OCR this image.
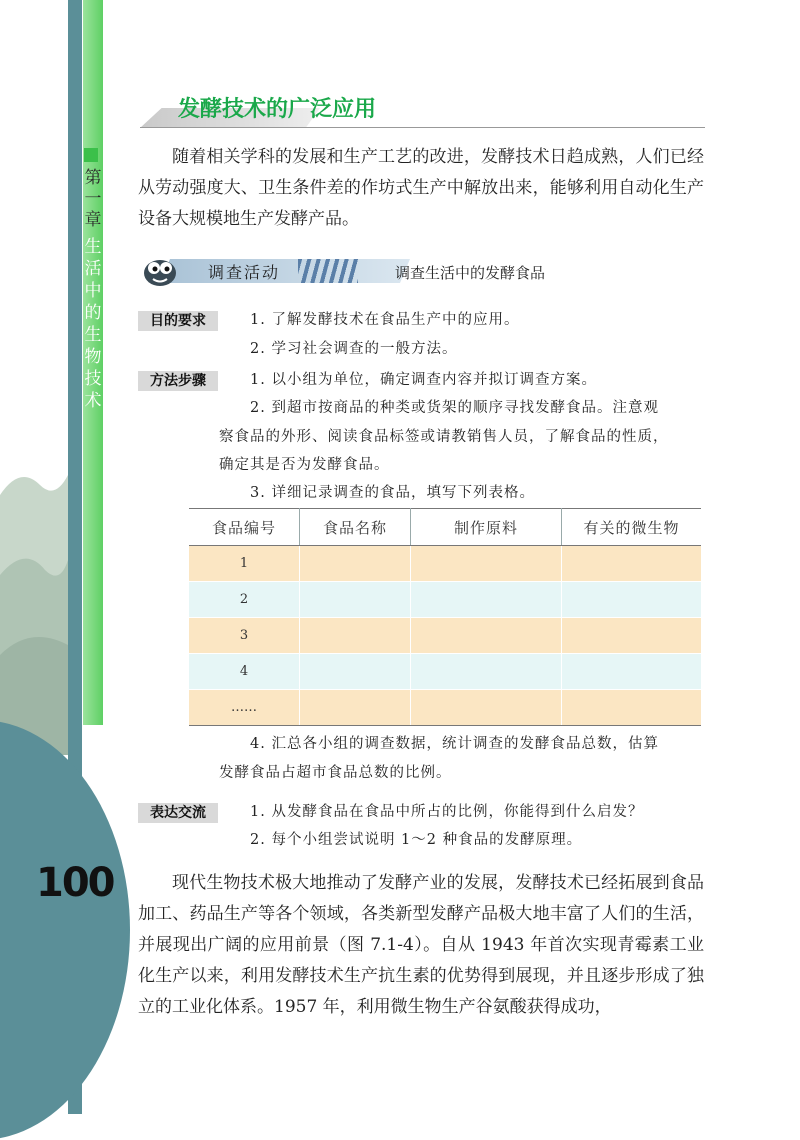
第一章
生活中的生物技术
100
发酵技术的广泛应用

随着相关学科的发展和生产工艺的改进，发酵技术日趋成熟，人们已经从劳动强度大、卫生条件差的作坊式生产中解放出来，能够利用自动化生产设备大规模地生产发酵产品。

调查活动	调查生活中的发酵食品
目的要求	1. 了解发酵技术在食品生产中的应用。
2. 学习社会调查的一般方法。
方法步骤	1. 以小组为单位，确定调查内容并拟订调查方案。
2. 到超市按商品的种类或货架的顺序寻找发酵食品。注意观
察食品的外形、阅读食品标签或请教销售人员，了解食品的性质，
确定其是否为发酵食品。
3. 详细记录调查的食品，填写下列表格。
食品编号	食品名称	制作原料	有关的微生物
1			
2			
3			
4			
……			
4. 汇总各小组的调查数据，统计调查的发酵食品总数，估算
发酵食品占超市食品总数的比例。
表达交流	1. 从发酵食品在食品中所占的比例，你能得到什么启发？
2. 每个小组尝试说明 1～2 种食品的发酵原理。

现代生物技术极大地推动了发酵产业的发展，发酵技术已经拓展到食品加工、药品生产等各个领域，各类新型发酵产品极大地丰富了人们的生活，并展现出广阔的应用前景（图 7.1-4）。自从 1943 年首次实现青霉素工业化生产以来，利用发酵技术生产抗生素的优势得到展现，并且逐步形成了独立的工业化体系。1957 年，利用微生物生产谷氨酸获得成功，
